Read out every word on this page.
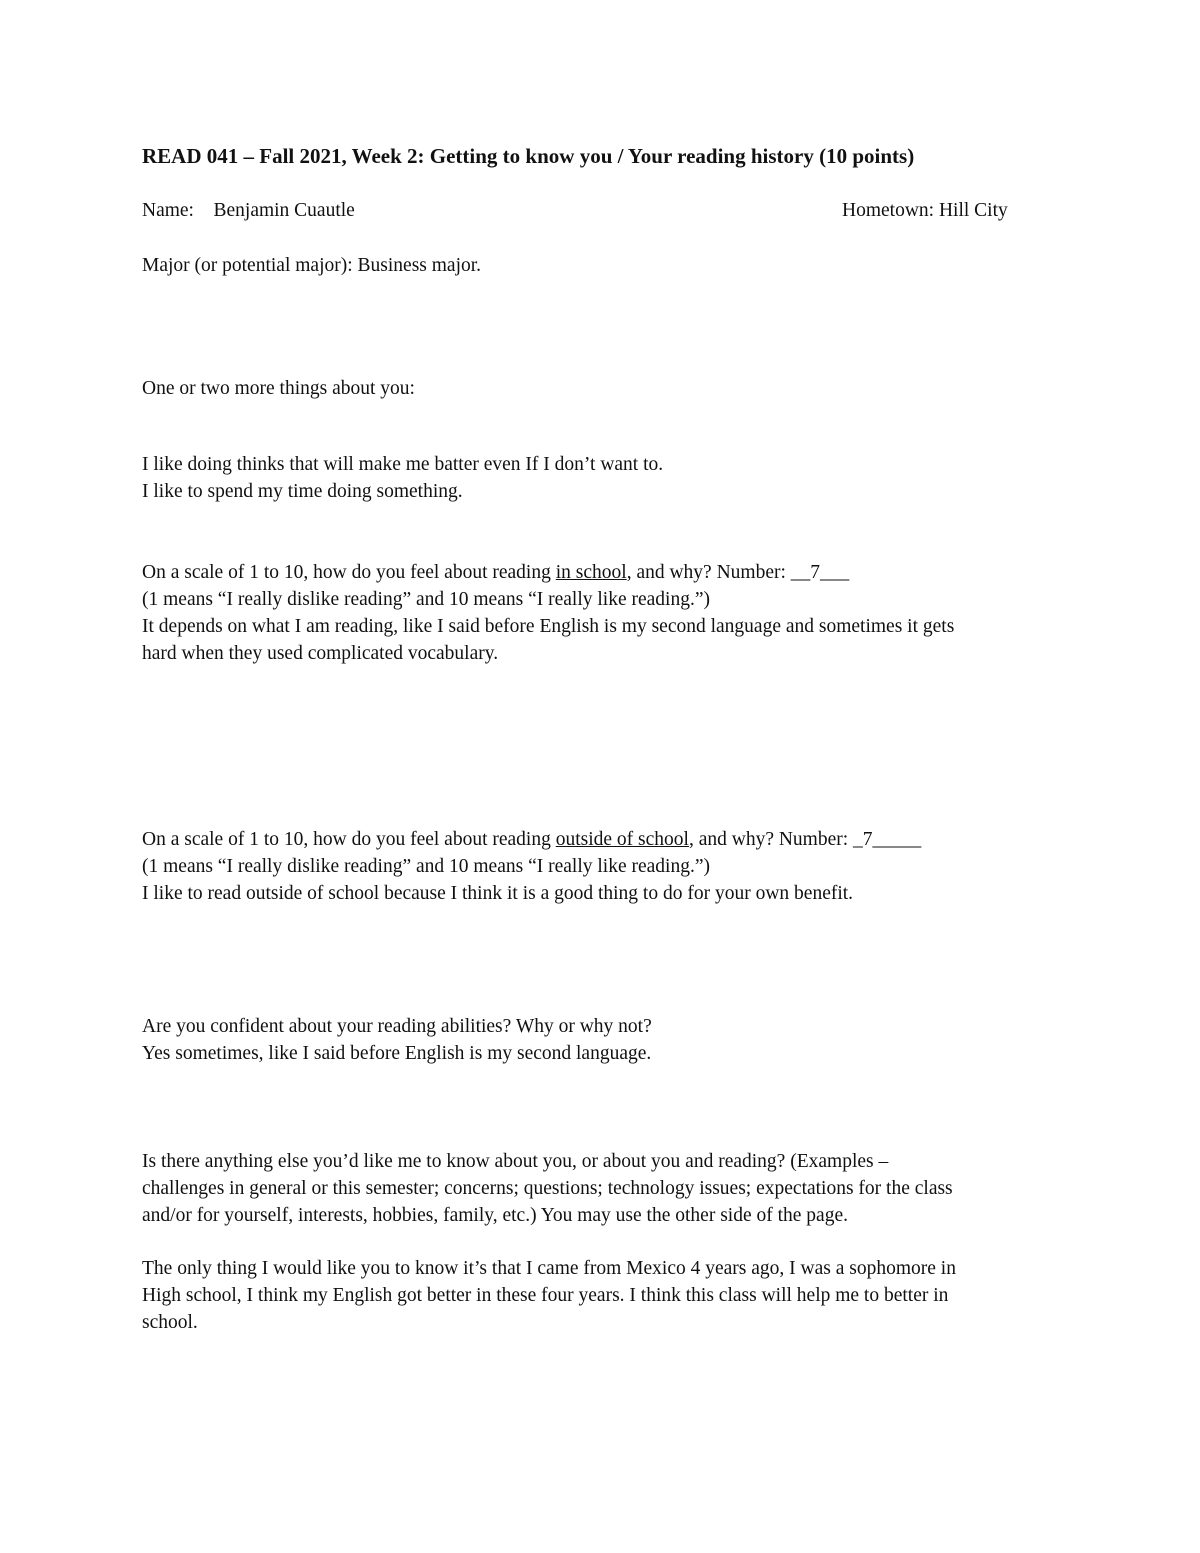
READ 041 – Fall 2021, Week 2: Getting to know you / Your reading history (10 points)

Name: Benjamin Cuautle	Hometown: Hill City

Major (or potential major): Business major.

One or two more things about you:

I like doing thinks that will make me batter even If I don’t want to.

I like to spend my time doing something.

On a scale of 1 to 10, how do you feel about reading in school, and why? Number: __7___

(1 means “I really dislike reading” and 10 means “I really like reading.”)

It depends on what I am reading, like I said before English is my second language and sometimes it gets

hard when they used complicated vocabulary.

On a scale of 1 to 10, how do you feel about reading outside of school, and why? Number: _7_____

(1 means “I really dislike reading” and 10 means “I really like reading.”)

I like to read outside of school because I think it is a good thing to do for your own benefit.

Are you confident about your reading abilities? Why or why not?

Yes sometimes, like I said before English is my second language.

Is there anything else you’d like me to know about you, or about you and reading? (Examples –

challenges in general or this semester; concerns; questions; technology issues; expectations for the class

and/or for yourself, interests, hobbies, family, etc.) You may use the other side of the page.

The only thing I would like you to know it’s that I came from Mexico 4 years ago, I was a sophomore in

High school, I think my English got better in these four years. I think this class will help me to better in

school.
